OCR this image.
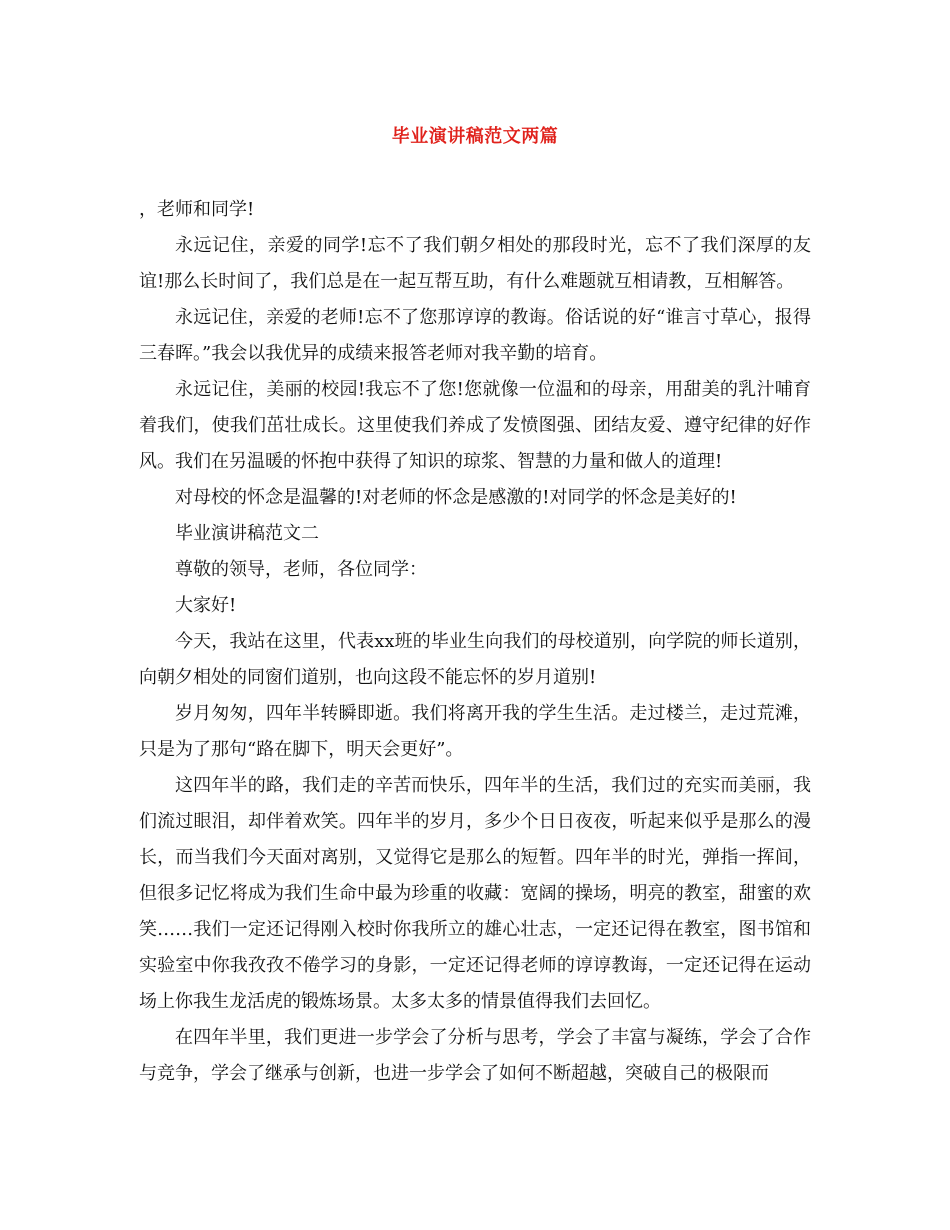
毕业演讲稿范文两篇

，老师和同学!

永远记住，亲爱的同学!忘不了我们朝夕相处的那段时光，忘不了我们深厚的友谊!那么长时间了，我们总是在一起互帮互助，有什么难题就互相请教，互相解答。

永远记住，亲爱的老师!忘不了您那谆谆的教诲。俗话说的好“谁言寸草心，报得三春晖。”我会以我优异的成绩来报答老师对我辛勤的培育。

永远记住，美丽的校园!我忘不了您!您就像一位温和的母亲，用甜美的乳汁哺育着我们，使我们茁壮成长。这里使我们养成了发愤图强、团结友爱、遵守纪律的好作风。我们在另温暖的怀抱中获得了知识的琼浆、智慧的力量和做人的道理!

对母校的怀念是温馨的!对老师的怀念是感激的!对同学的怀念是美好的!

毕业演讲稿范文二

尊敬的领导，老师，各位同学：

大家好!

今天，我站在这里，代表xx班的毕业生向我们的母校道别，向学院的师长道别，向朝夕相处的同窗们道别，也向这段不能忘怀的岁月道别!

岁月匆匆，四年半转瞬即逝。我们将离开我的学生生活。走过楼兰，走过荒滩，只是为了那句“路在脚下，明天会更好”。

这四年半的路，我们走的辛苦而快乐，四年半的生活，我们过的充实而美丽，我们流过眼泪，却伴着欢笑。四年半的岁月，多少个日日夜夜，听起来似乎是那么的漫长，而当我们今天面对离别，又觉得它是那么的短暂。四年半的时光，弹指一挥间，但很多记忆将成为我们生命中最为珍重的收藏：宽阔的操场，明亮的教室，甜蜜的欢笑……我们一定还记得刚入校时你我所立的雄心壮志，一定还记得在教室，图书馆和实验室中你我孜孜不倦学习的身影，一定还记得老师的谆谆教诲，一定还记得在运动场上你我生龙活虎的锻炼场景。太多太多的情景值得我们去回忆。

在四年半里，我们更进一步学会了分析与思考，学会了丰富与凝练，学会了合作与竞争，学会了继承与创新，也进一步学会了如何不断超越，突破自己的极限而
